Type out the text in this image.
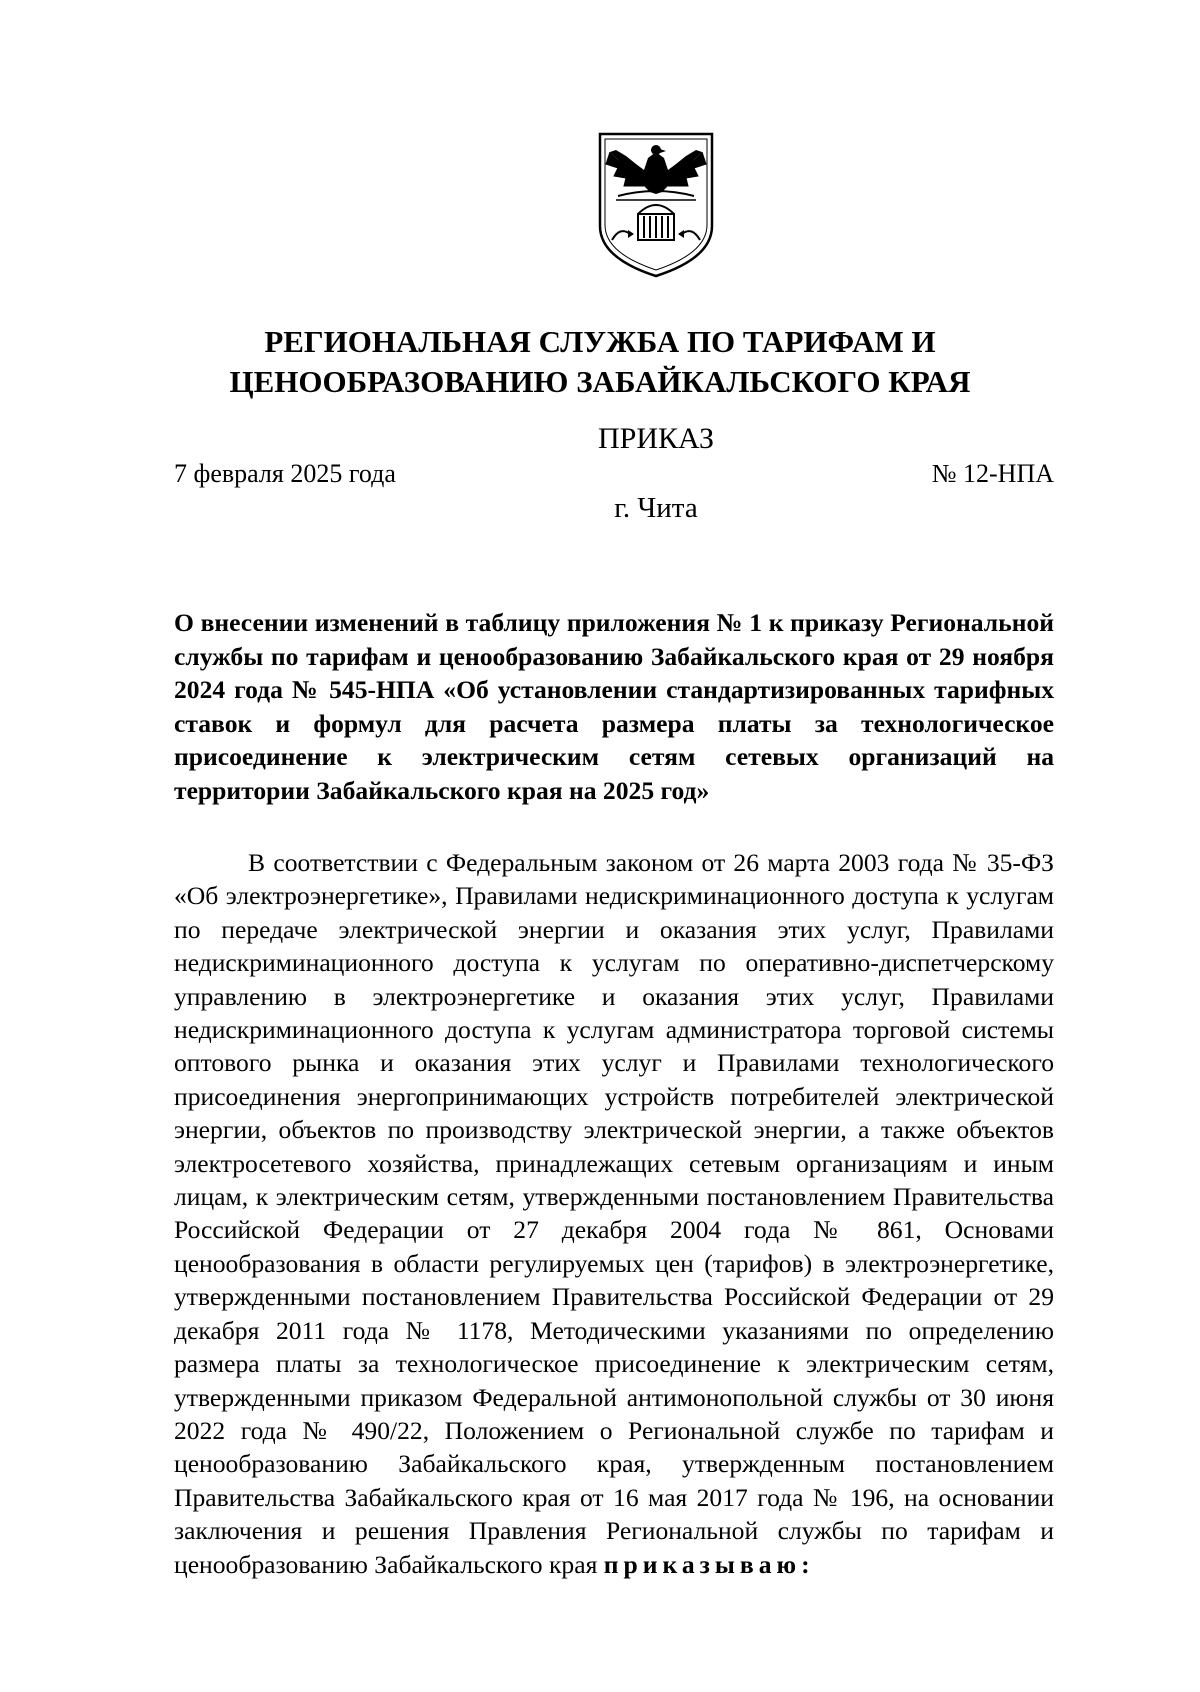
РЕГИОНАЛЬНАЯ СЛУЖБА ПО ТАРИФАМ И ЦЕНООБРАЗОВАНИЮ ЗАБАЙКАЛЬСКОГО КРАЯ
ПРИКАЗ
7 февраля 2025 года	№ 12-НПА
г. Чита
О внесении изменений в таблицу приложения № 1 к приказу Региональной службы по тарифам и ценообразованию Забайкальского края от 29 ноября 2024 года № 545-НПА «Об установлении стандартизированных тарифных ставок и формул для расчета размера платы за технологическое присоединение к электрическим сетям сетевых организаций на территории Забайкальского края на 2025 год»

В соответствии с Федеральным законом от 26 марта 2003 года № 35-ФЗ «Об электроэнергетике», Правилами недискриминационного доступа к услугам по передаче электрической энергии и оказания этих услуг, Правилами недискриминационного доступа к услугам по оперативно-диспетчерскому управлению в электроэнергетике и оказания этих услуг, Правилами недискриминационного доступа к услугам администратора торговой системы оптового рынка и оказания этих услуг и Правилами технологического присоединения энергопринимающих устройств потребителей электрической энергии, объектов по производству электрической энергии, а также объектов электросетевого хозяйства, принадлежащих сетевым организациям и иным лицам, к электрическим сетям, утвержденными постановлением Правительства Российской Федерации от 27 декабря 2004 года № 861, Основами ценообразования в области регулируемых цен (тарифов) в электроэнергетике, утвержденными постановлением Правительства Российской Федерации от 29 декабря 2011 года № 1178, Методическими указаниями по определению размера платы за технологическое присоединение к электрическим сетям, утвержденными приказом Федеральной антимонопольной службы от 30 июня 2022 года № 490/22, Положением о Региональной службе по тарифам и ценообразованию Забайкальского края, утвержденным постановлением Правительства Забайкальского края от 16 мая 2017 года № 196, на основании заключения и решения Правления Региональной службы по тарифам и ценообразованию Забайкальского края приказываю:
